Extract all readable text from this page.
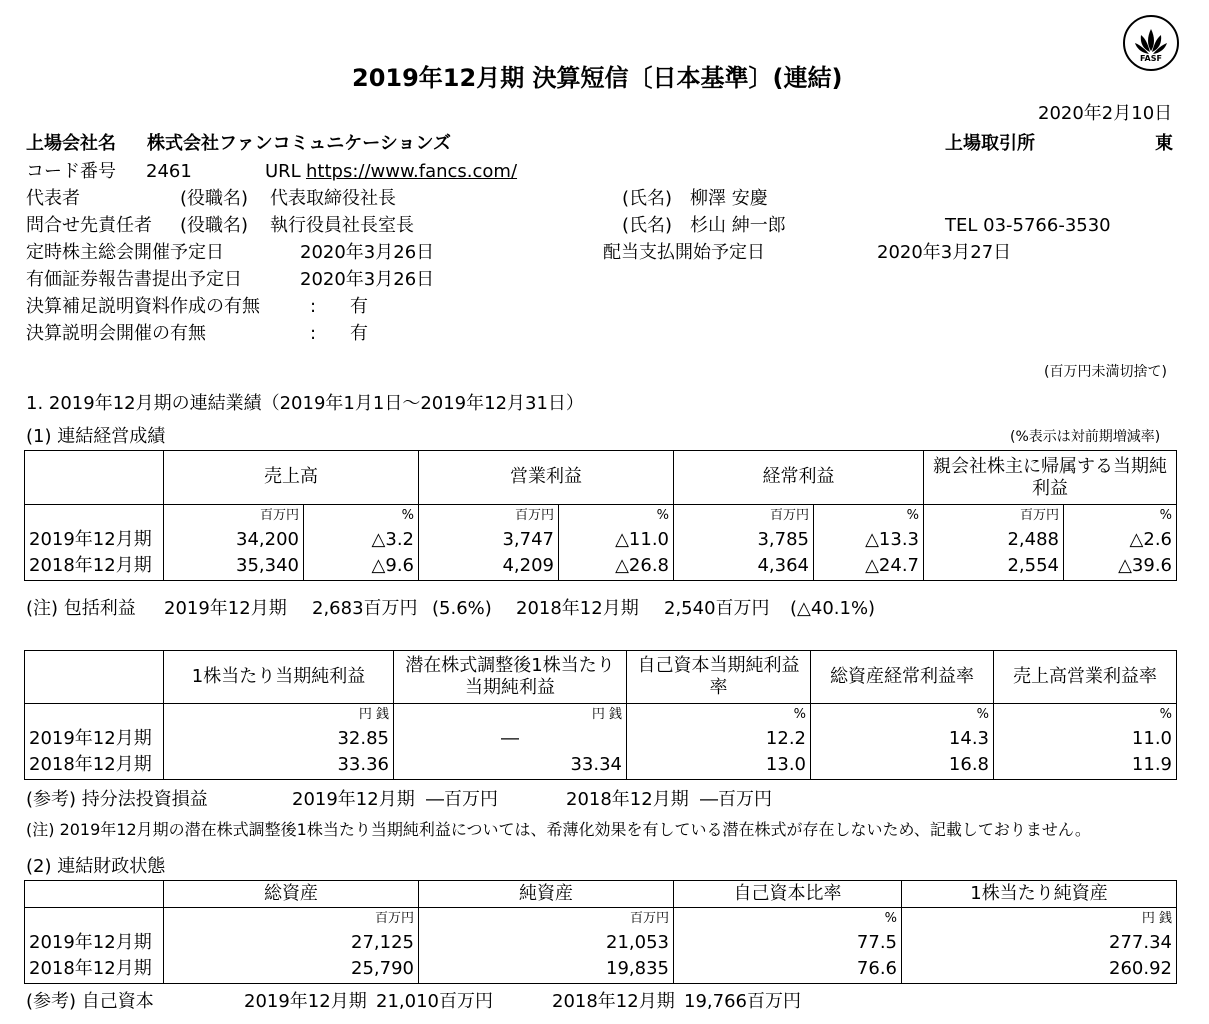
FASF
2019年12月期 決算短信〔日本基準〕(連結)
2020年2月10日
上場会社名 株式会社ファンコミュニケーションズ	上場取引所	東
コード番号 2461	URL https://www.fancs.com/
代表者	(役職名) 代表取締役社長	(氏名) 柳澤 安慶
問合せ先責任者 (役職名) 執行役員社長室長	(氏名) 杉山 紳一郎	TEL 03-5766-3530
定時株主総会開催予定日	2020年3月26日	配当支払開始予定日	2020年3月27日
有価証券報告書提出予定日	2020年3月26日
決算補足説明資料作成の有無	: 有
決算説明会開催の有無	: 有
(百万円未満切捨て)
1. 2019年12月期の連結業績（2019年1月1日〜2019年12月31日）
(1) 連結経営成績	(%表示は対前期増減率)
	売上高		営業利益		経常利益		親会社株主に帰属する当期純利益	
	百万円	%	百万円	%	百万円	%	百万円	%
2019年12月期	34,200	△3.2	3,747	△11.0	3,785	△13.3	2,488	△2.6
2018年12月期	35,340	△9.6	4,209	△26.8	4,364	△24.7	2,554	△39.6
(注) 包括利益 2019年12月期 2,683百万円 (5.6%) 2018年12月期 2,540百万円 (△40.1%)
	1株当たり当期純利益	潜在株式調整後1株当たり当期純利益	自己資本当期純利益率	総資産経常利益率	売上高営業利益率
	円 銭	円 銭	%	%	%
2019年12月期	32.85	―	12.2	14.3	11.0
2018年12月期	33.36	33.34	13.0	16.8	11.9
(参考) 持分法投資損益	2019年12月期 ―百万円	2018年12月期 ―百万円
(注) 2019年12月期の潜在株式調整後1株当たり当期純利益については、希薄化効果を有している潜在株式が存在しないため、記載しておりません。
(2) 連結財政状態
	総資産	純資産	自己資本比率	1株当たり純資産
	百万円	百万円	%	円 銭
2019年12月期	27,125	21,053	77.5	277.34
2018年12月期	25,790	19,835	76.6	260.92
(参考) 自己資本	2019年12月期 21,010百万円	2018年12月期 19,766百万円
